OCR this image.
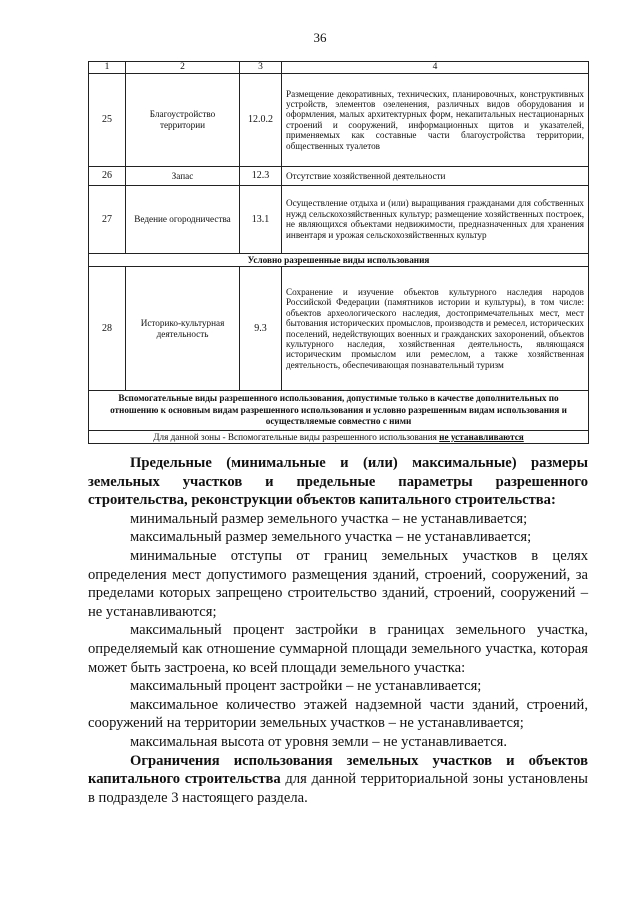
36
1	2	3	4
25	Благоустройство территории	12.0.2	Размещение декоративных, технических, планировочных, конструктивных устройств, элементов озеленения, различных видов оборудования и оформления, малых архитектурных форм, некапитальных нестационарных строений и сооружений, информационных щитов и указателей, применяемых как составные части благоустройства территории, общественных туалетов
26	Запас	12.3	Отсутствие хозяйственной деятельности
27	Ведение огородничества	13.1	Осуществление отдыха и (или) выращивания гражданами для собственных нужд сельскохозяйственных культур; размещение хозяйственных построек, не являющихся объектами недвижимости, предназначенных для хранения инвентаря и урожая сельскохозяйственных культур
Условно разрешенные виды использования			
28	Историко-культурная деятельность	9.3	Сохранение и изучение объектов культурного наследия народов Российской Федерации (памятников истории и культуры), в том числе: объектов археологического наследия, достопримечательных мест, мест бытования исторических промыслов, производств и ремесел, исторических поселений, недействующих военных и гражданских захоронений, объектов культурного наследия, хозяйственная деятельность, являющаяся историческим промыслом или ремеслом, а также хозяйственная деятельность, обеспечивающая познавательный туризм
Вспомогательные виды разрешенного использования, допустимые только в качестве дополнительных по отношению к основным видам разрешенного использования и условно разрешенным видам использования и осуществляемые совместно с ними			
Для данной зоны - Вспомогательные виды разрешенного использования не устанавливаются			

Предельные (минимальные и (или) максимальные) размеры земельных участков и предельные параметры разрешенного строительства, реконструкции объектов капитального строительства:

минимальный размер земельного участка – не устанавливается;

максимальный размер земельного участка – не устанавливается;

минимальные отступы от границ земельных участков в целях определения мест допустимого размещения зданий, строений, сооружений, за пределами которых запрещено строительство зданий, строений, сооружений – не устанавливаются;

максимальный процент застройки в границах земельного участка, определяемый как отношение суммарной площади земельного участка, которая может быть застроена, ко всей площади земельного участка:

максимальный процент застройки – не устанавливается;

максимальное количество этажей надземной части зданий, строений, сооружений на территории земельных участков – не устанавливается;

максимальная высота от уровня земли – не устанавливается.

Ограничения использования земельных участков и объектов капитального строительства для данной территориальной зоны установлены в подразделе 3 настоящего раздела.
